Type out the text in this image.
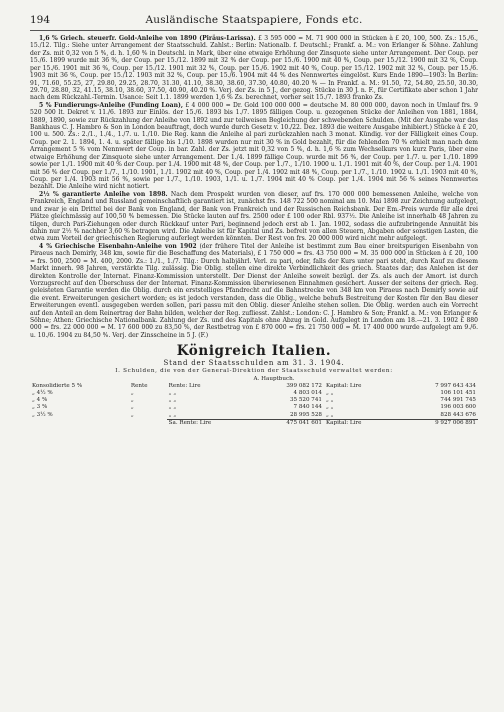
194	Ausländische Staatspapiere, Fonds etc.

1,6 % Griech. steuerfr. Gold-Anleihe von 1890 (Piräus-Larissa). £ 3 595 000 = M. 71 900 000 in Stücken à £ 20, 100, 500. Zs.: 15./6., 15./12. Tilg.: Siehe unter Arrangement der Staatsschuld. Zahlst.: Berlin: Nationalb. f. Deutschl.; Frankf. a. M.: von Erlanger & Söhne. Zahlung der Zs. mit 0,32 von 5 %, d. h. 1,60 % in Deutschl. in Mark, über eine etwaige Erhöhung der Zinsquote siehe unter Arrangement. Der Coup. per 15./6. 1899 wurde mit 36 %, der Coup. per 15./12. 1899 mit 32 % der Coup. per 15./6. 1900 mit 40 %, Coup. per 15./12. 1900 mit 32 %, Coup. per 15./6. 1901 mit 36 %, Coup. per 15./12. 1901 mit 32 %, Coup. per 15./6. 1902 mit 40 %, Coup. per 15./12. 1902 mit 32 %, Coup. per 15./6. 1903 mit 36 %, Coup. per 15./12. 1903 mit 32 %, Coup. per 15./6. 1904 mit 44 % des Nennwertes eingelöst. Kurs Ende 1890—1903: In Berlin: 91, 71.60, 55.25, 27, 29.80, 29.25, 28.70, 31.30, 41.10, 38.30, 38.60, 37.30, 40.80, 40.20 % — In Frankf. a. M.: 91.50, 72, 54.80, 25.50, 30.30, 29.70, 28.80, 32, 41.15, 38.10, 38.60, 37.50, 40.90, 40.20 %. Verj. der Zs. in 5 J., der gezog. Stücke in 30 J. n. F., für Certifikate aber schon 1 Jahr nach dem Rückzahl.-Termin. Usance: Seit 1.1. 1899 werden 1,6 % Zs. berechnet, vorher seit 15./7. 1893 franko Zs.

5 % Fundierungs-Anleihe (Funding Loan), £ 4 000 000 = Dr. Gold 100 000 000 = deutsche M. 80 000 000, davon noch in Umlauf frs. 9 520 500 lt. Dekret v. 11./6. 1893 zur Einlös. der 15./6. 1893 bis 1./7. 1895 fälligen Coup. u. gezogenen Stücke der Anleihen von 1881, 1884, 1889, 1890, sowie zur Rückzahlung der Anleihe von 1892 und zur teilweisen Begleichung der schwebenden Schulden. (Mit der Ausgabe war das Bankhaus C. J. Hambro & Son in London beauftragt, doch wurde durch Gesetz v. 10./22. Dez. 1893 die weitere Ausgabe inhibiert.) Stücke à £ 20, 100 u. 500. Zs.: 2./1., 1./4., 1./7. u. 1./10. Die Reg. kann die Anleihe al pari zurückzahlen nach 3 monat. Kündig. vor der Fälligkeit eines Coup. Coup. per 2. 1. 1894, 1. 4. u. später fällige bis 1./10. 1898 wurden nur mit 30 % in Gold bezahlt, für die fehlenden 70 % erhielt man nach dem Arrangement 5 % vom Nennwert der Coup. in bar. Zahl. der Zs. jetzt mit 0,32 von 5 %, d. h. 1,6 % zum Wechselkurs von kurz Paris, über eine etwaige Erhöhung der Zinsquote siehe unter Arrangement. Der 1./4. 1899 fällige Coup. wurde mit 56 %, der Coup. per 1./7. u. per 1./10. 1899 sowie per 1./1. 1900 mit 40 % der Coup. per 1./4. 1900 mit 48 %, der Coup. per 1./7., 1./10. 1900 u. 1./1. 1901 mit 40 %, der Coup. per 1./4. 1901 mit 56 % der Coup. per 1./7., 1./10. 1901, 1./1. 1902 mit 40 %, Coup. per 1./4. 1902 mit 48 %, Coup. per 1./7., 1./10. 1902 u. 1./1. 1903 mit 40 %, Coup. per 1./4. 1903 mit 56 %, sowie per 1./7., 1./10. 1903, 1./1. u. 1./7. 1904 mit 40 % Coup. per 1./4. 1904 mit 56 % seines Nennwertes bezahlt. Die Anleihe wird nicht notiert.

2½ % garantierte Anleihe von 1898. Nach dem Prospekt wurden von dieser, auf frs. 170 000 000 bemessenen Anleihe, welche von Frankreich, England und Russland gemeinschaftlich garantiert ist, zunächst frs. 148 722 500 nominal am 10. Mai 1898 zur Zeichnung aufgelegt, und zwar je ein Drittel bei der Bank von England, der Bank von Frankreich und der Russischen Reichsbank. Der Em.-Preis wurde für alle drei Plätze gleichmässig auf 100,50 % bemessen. Die Stücke lauten auf frs. 2500 oder £ 100 oder Rbl. 937½. Die Anleihe ist innerhalb 48 Jahren zu tilgen, durch Pari-Ziehungen oder durch Rückkauf unter Pari, beginnend jedoch erst ab 1. Jan. 1902, sodass die aufzubringende Annuität bis dahin nur 2½ % nachher 3,60 % betragen wird. Die Anleihe ist für Kapital und Zs. befreit von allen Steuern, Abgaben oder sonstigen Lasten, die etwa zum Vorteil der griechischen Regierung auferlegt werden könnten. Der Rest von frs. 20 000 000 wird nicht mehr aufgelegt.

4 % Griechische Eisenbahn-Anleihe von 1902 (der frühere Titel der Anleihe ist bestimmt zum Bau einer breitspurigen Eisenbahn von Piraeus nach Demirly, 348 km, sowie für die Beschaffung des Materials), £ 1 750 000 = frs. 43 750 000 = M. 35 000 000 in Stücken à £ 20, 100 = frs. 500, 2500 = M. 400, 2000. Zs.: 1./1., 1./7. Tilg.: Durch halbjährl. Verl. zu pari, oder, falls der Kurs unter pari steht, durch Kauf zu diesem Markt innerh. 98 Jahren, verstärkte Tilg. zulässig. Die Oblig. stellen eine direkte Verbindlichkeit des griech. Staates dar; das Anlehen ist der direkten Kontrolle der Internat. Finanz-Kommission unterstellt. Der Dienst der Anleihe soweit bezügl. der Zs. als auch der Amort. ist durch Vorzugsrecht auf den Überschuss der der Internat. Finanz-Kommission überwiesenen Einnahmen gesichert. Ausser der seitens der griech. Reg. geleisteten Garantie werden die Oblig. durch ein erststelliges Pfandrecht auf die Bahnstrecke von 348 km von Piraeus nach Demirly sowie auf die event. Erweiterungen gesichert worden; es ist jedoch verstanden, dass die Oblig., welche behufs Bestreitung der Kosten für den Bau dieser Erweiterungen eventl. ausgegeben werden sollen, pari passu mit den Oblig. dieser Anleihe stehen sollen. Die Oblig. werden auch ein Vorrecht auf den Anteil an dem Reinertrag der Bahn bilden, welcher der Reg. zufliesst. Zahlst.: London: C. J. Hambro & Son; Frankf. a. M.: von Erlanger & Söhne; Athen: Griechische Nationalbank. Zahlung der Zs. und des Kapitals ohne Abzug in Gold. Aufgelegt in London am 18.—21. 3. 1902 £ 880 000 = frs. 22 000 000 = M. 17 600 000 zu 83,50 %, der Restbetrag von £ 870 000 = frs. 21 750 000 = M. 17 400 000 wurde aufgelegt am 9./6. u. 10./6. 1904 zu 84,50 %. Verj. der Zinsscheine in 5 J. (F.)

Königreich Italien.
Stand der Staatsschulden am 31. 3. 1904.
I. Schulden, die von der General-Direktion der Staatsschuld verwaltet werden:
A. Hauptbuch.
Konsolidierte 5 %	Rente	Rente: Lire	399 082 172	Kapital: Lire	7 997 643 434
„ 4½ %	„	„ „	4 803 014	„ „	106 101 451
„ 4 %	„	„ „	35 520 741	„ „	744 991 745
„ 3 %	„	„ „	7 840 144	„ „	196 003 600
„ 3½ %	„	„ „	28 995 528	„ „	828 443 676
		Sa. Rente: Lire	475 041 601	Kapital: Lire	9 927 006 891
